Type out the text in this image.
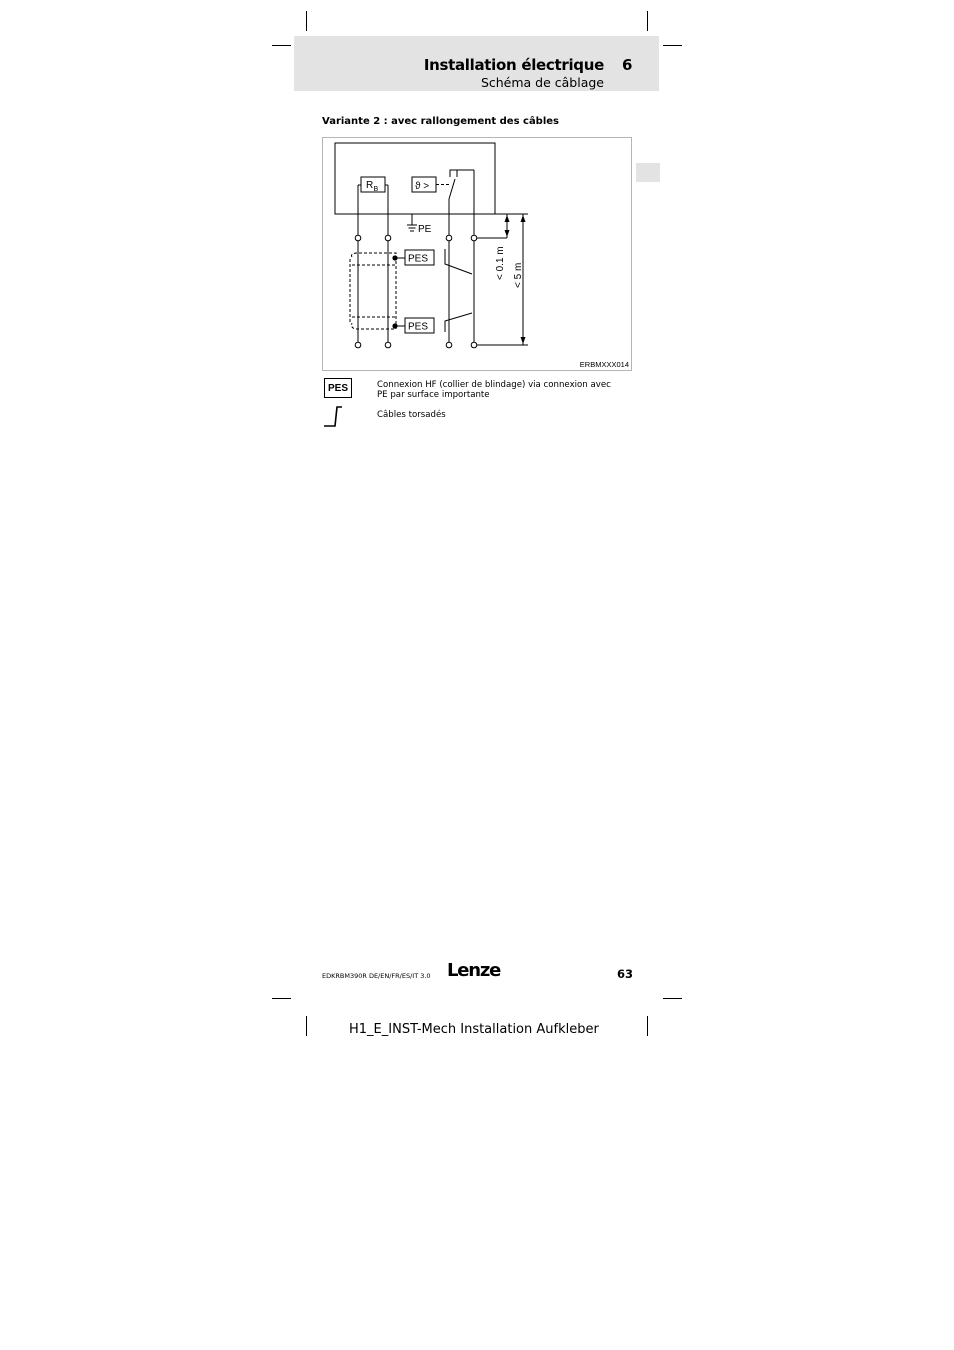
Installation électrique 6
Schéma de câblage
Variante 2 : avec rallongement des câbles
R B	ϑ >
PE
PES
PES
< 0.1 m < 5 m
ERBMXXX014
PES	Connexion HF (collier de blindage) via connexion avec PE par surface importante
Câbles torsadés
EDKRBM390R DE/EN/FR/ES/IT 3.0 Lenze	63
H1_E_INST-Mech Installation Aufkleber
